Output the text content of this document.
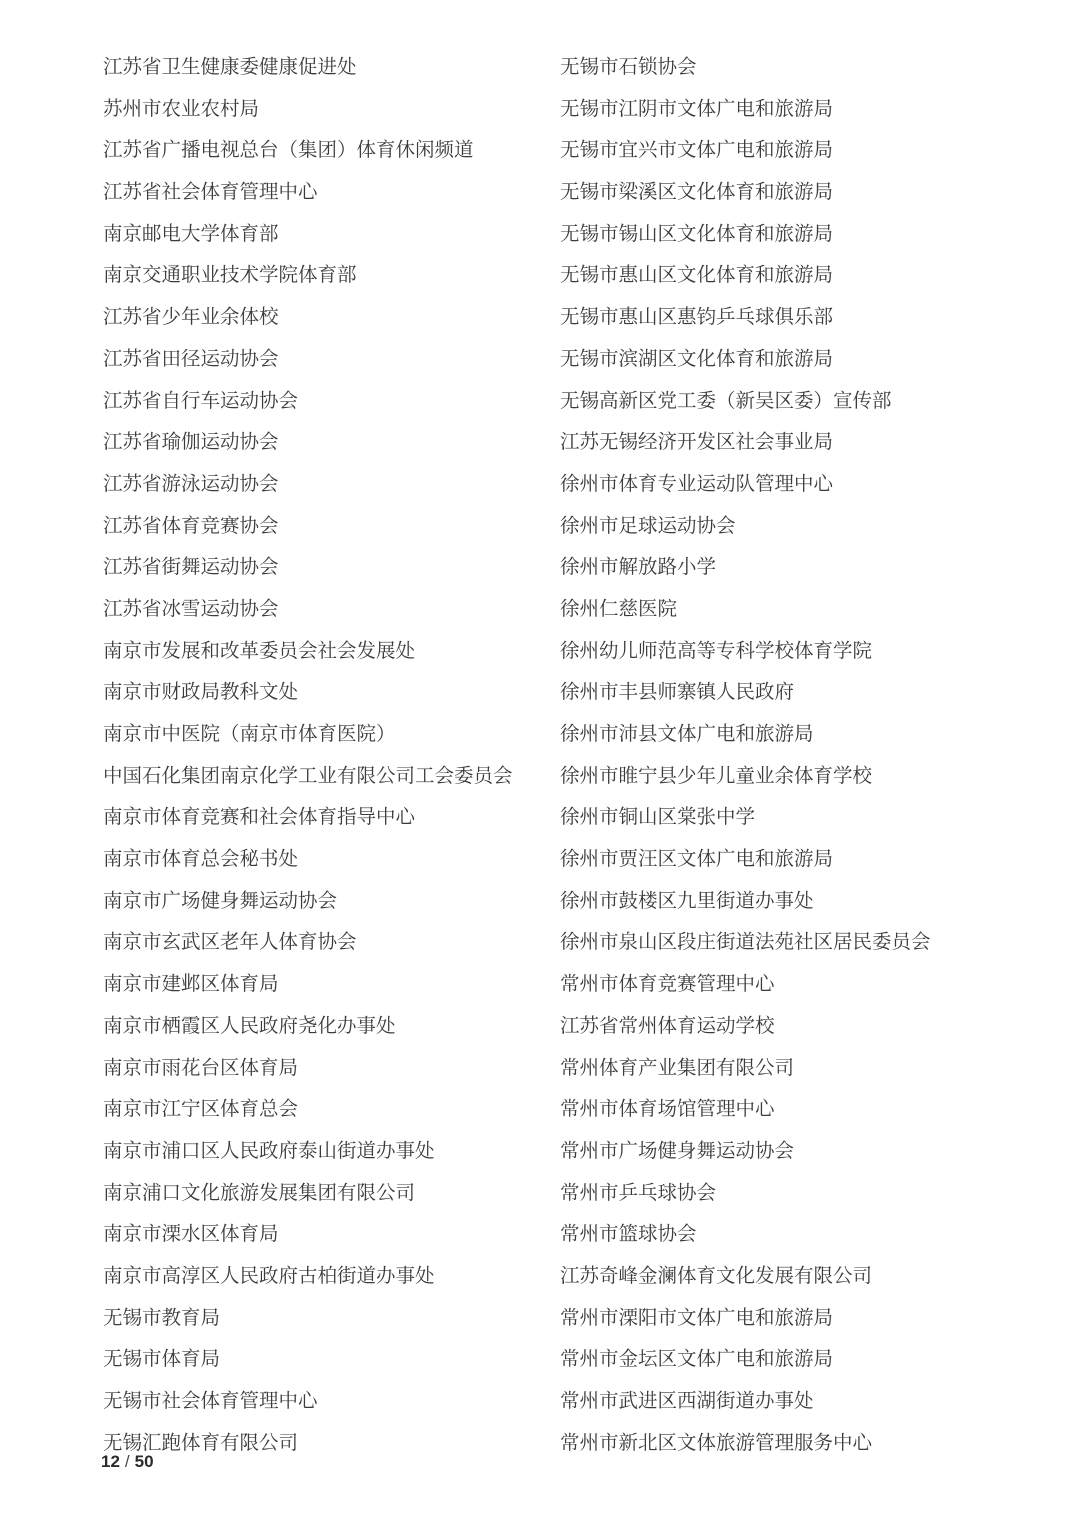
江苏省卫生健康委健康促进处
苏州市农业农村局
江苏省广播电视总台（集团）体育休闲频道
江苏省社会体育管理中心
南京邮电大学体育部
南京交通职业技术学院体育部
江苏省少年业余体校
江苏省田径运动协会
江苏省自行车运动协会
江苏省瑜伽运动协会
江苏省游泳运动协会
江苏省体育竞赛协会
江苏省街舞运动协会
江苏省冰雪运动协会
南京市发展和改革委员会社会发展处
南京市财政局教科文处
南京市中医院（南京市体育医院）
中国石化集团南京化学工业有限公司工会委员会
南京市体育竞赛和社会体育指导中心
南京市体育总会秘书处
南京市广场健身舞运动协会
南京市玄武区老年人体育协会
南京市建邺区体育局
南京市栖霞区人民政府尧化办事处
南京市雨花台区体育局
南京市江宁区体育总会
南京市浦口区人民政府泰山街道办事处
南京浦口文化旅游发展集团有限公司
南京市溧水区体育局
南京市高淳区人民政府古柏街道办事处
无锡市教育局
无锡市体育局
无锡市社会体育管理中心
无锡汇跑体育有限公司
无锡市石锁协会
无锡市江阴市文体广电和旅游局
无锡市宜兴市文体广电和旅游局
无锡市梁溪区文化体育和旅游局
无锡市锡山区文化体育和旅游局
无锡市惠山区文化体育和旅游局
无锡市惠山区惠钧乒乓球俱乐部
无锡市滨湖区文化体育和旅游局
无锡高新区党工委（新吴区委）宣传部
江苏无锡经济开发区社会事业局
徐州市体育专业运动队管理中心
徐州市足球运动协会
徐州市解放路小学
徐州仁慈医院
徐州幼儿师范高等专科学校体育学院
徐州市丰县师寨镇人民政府
徐州市沛县文体广电和旅游局
徐州市睢宁县少年儿童业余体育学校
徐州市铜山区棠张中学
徐州市贾汪区文体广电和旅游局
徐州市鼓楼区九里街道办事处
徐州市泉山区段庄街道法苑社区居民委员会
常州市体育竞赛管理中心
江苏省常州体育运动学校
常州体育产业集团有限公司
常州市体育场馆管理中心
常州市广场健身舞运动协会
常州市乒乓球协会
常州市篮球协会
江苏奇峰金澜体育文化发展有限公司
常州市溧阳市文体广电和旅游局
常州市金坛区文体广电和旅游局
常州市武进区西湖街道办事处
常州市新北区文体旅游管理服务中心
12 / 50
